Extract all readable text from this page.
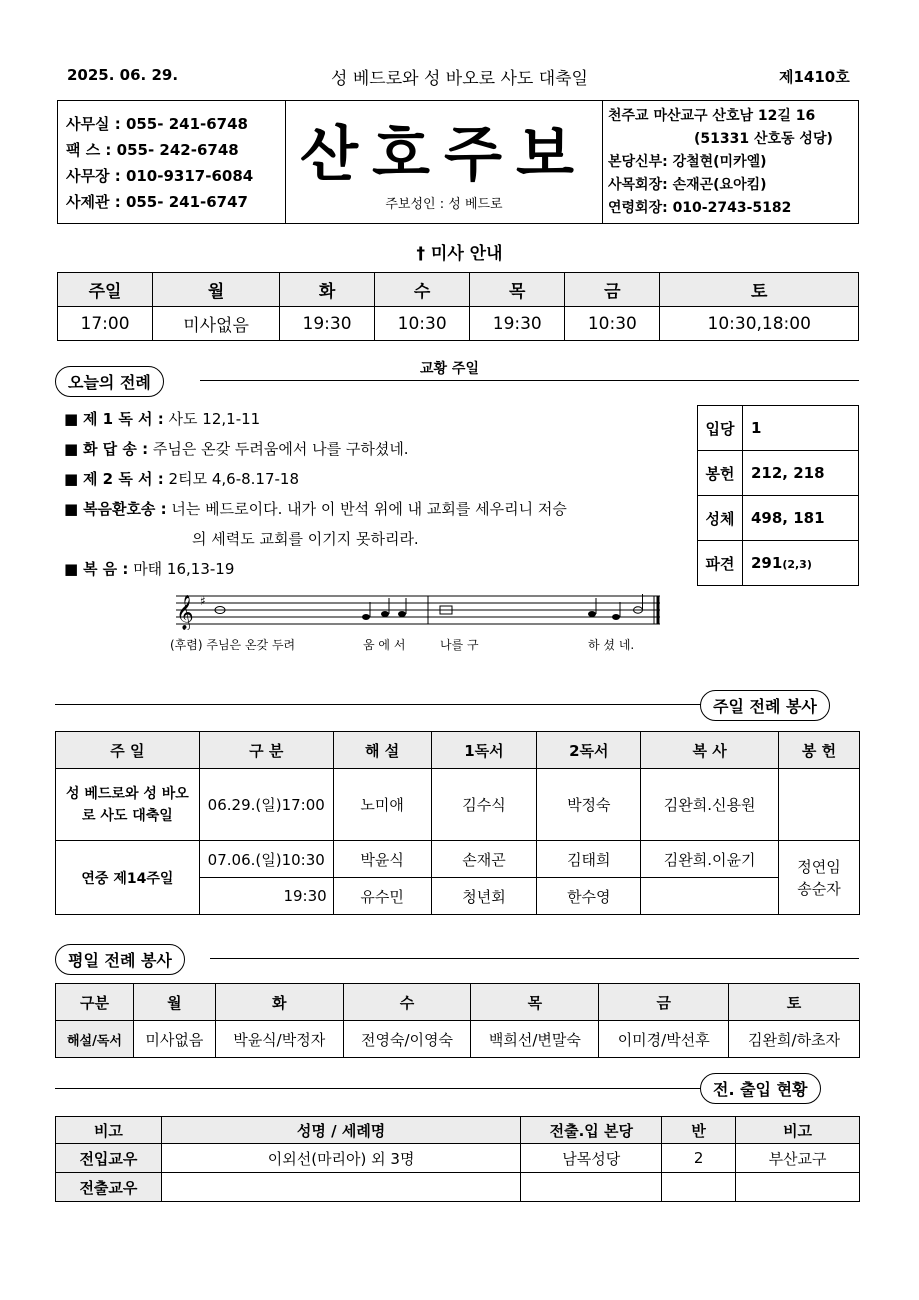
2025. 06. 29.	성 베드로와 성 바오로 사도 대축일	제1410호
사무실 : 055- 241-6748
팩 스 : 055- 242-6748
사무장 : 010-9317-6084
사제관 : 055- 241-6747
산호주보
주보성인 : 성 베드로
천주교 마산교구 산호남 12길 16
(51331 산호동 성당)
본당신부: 강철현(미카엘)
사목회장: 손재곤(요아킴)
연령회장: 010-2743-5182
† 미사 안내
주일	월	화	수	목	금	토
17:00	미사없음	19:30	10:30	19:30	10:30	10:30,18:00
오늘의 전례
교황 주일
■ 제 1 독 서 : 사도 12,1-11
■ 화 답 송 : 주님은 온갖 두려움에서 나를 구하셨네.
■ 제 2 독 서 : 2티모 4,6-8.17-18
■ 복음환호송 : 너는 베드로이다. 내가 이 반석 위에 내 교회를 세우리니 저승
의 세력도 교회를 이기지 못하리라.
■ 복 음 : 마태 16,13-19
입당	1
봉헌	212, 218
성체	498, 181
파견	291(2,3)
𝄞 ♯
(후렴) 주님은 온갖 두려	움 에 서	나를 구	하 셨 네.
주일 전례 봉사
주 일	구 분	해 설	1독서	2독서	복 사	봉 헌
성 베드로와 성 바오로 사도 대축일	06.29.(일)17:00	노미애	김수식	박정숙	김완희.신용원	
연중 제14주일	07.06.(일)10:30	박윤식	손재곤	김태희	김완희.이윤기	정연임 송순자
	19:30	유수민	청년회	한수영		
평일 전례 봉사
구분	월	화	수	목	금	토
해설/독서	미사없음	박윤식/박정자	전영숙/이영숙	백희선/변말숙	이미경/박선후	김완희/하초자
전. 출입 현황
비고	성명 / 세례명	전출.입 본당	반	비고
전입교우	이외선(마리아) 외 3명	남목성당	2	부산교구
전출교우				
